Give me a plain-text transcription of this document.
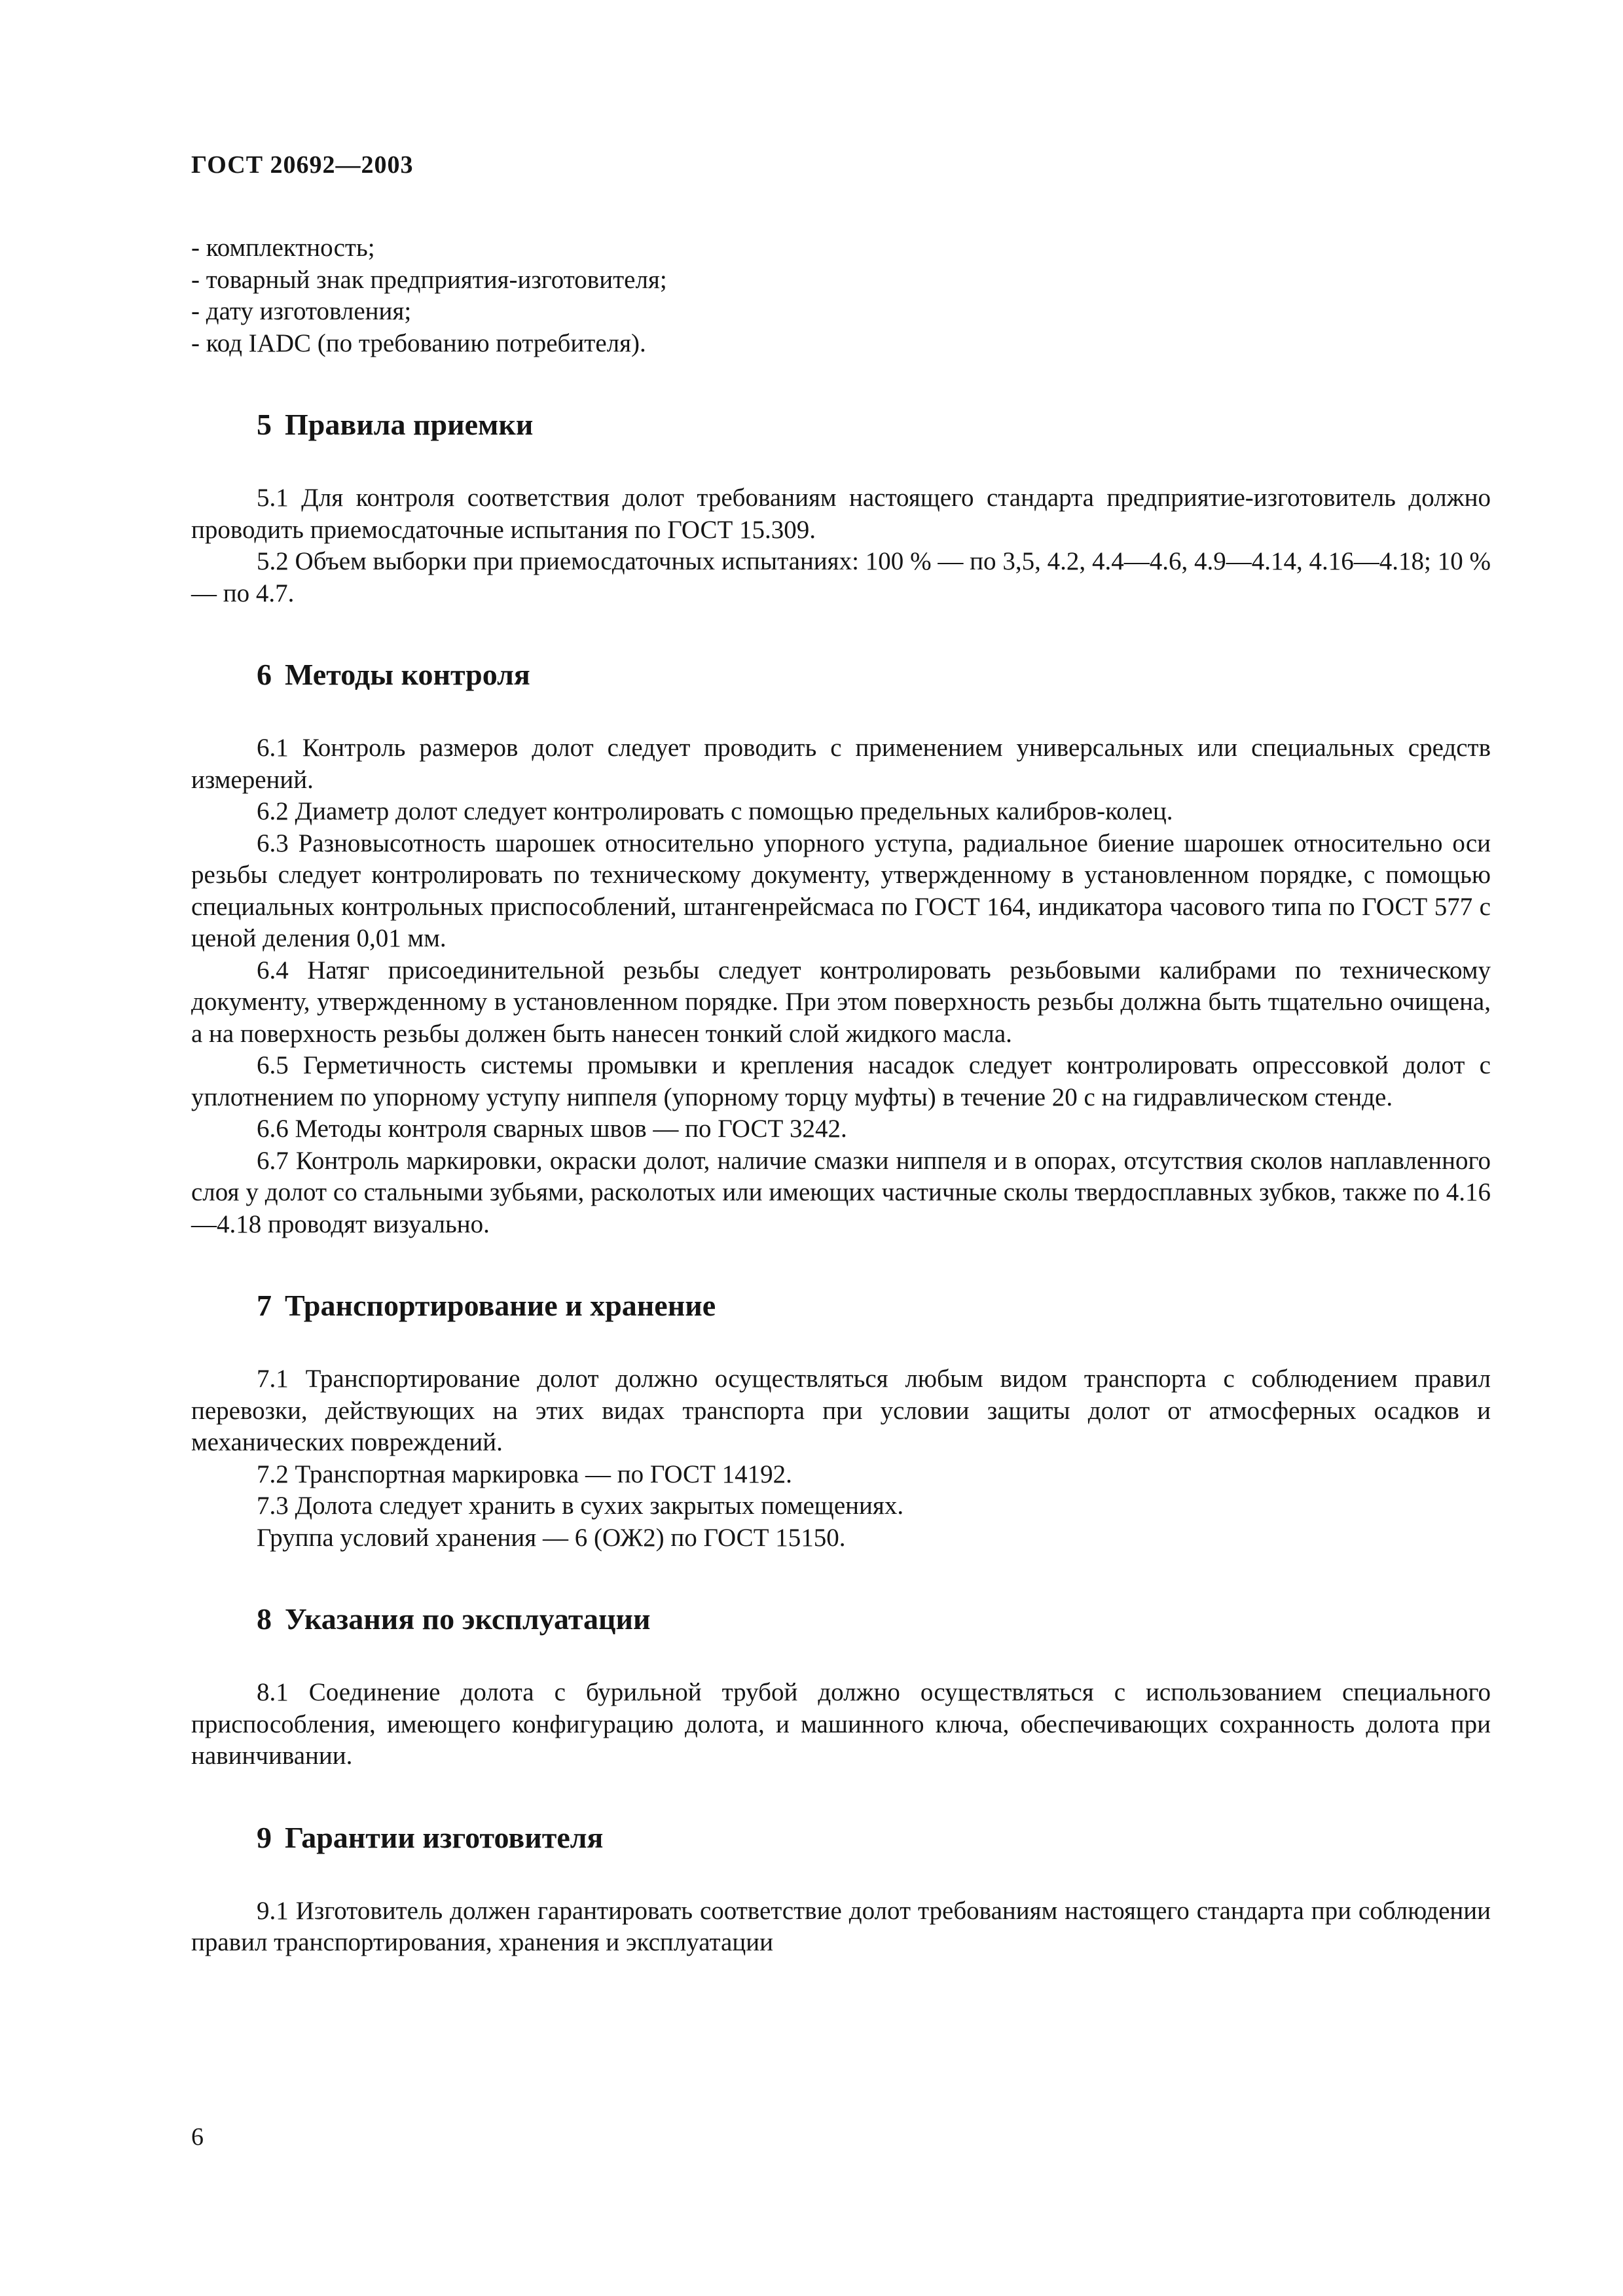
ГОСТ 20692—2003
- комплектность;
- товарный знак предприятия-изготовителя;
- дату изготовления;
- код IADC (по требованию потребителя).
5 Правила приемки

5.1 Для контроля соответствия долот требованиям настоящего стандарта предприятие-изготовитель должно проводить приемосдаточные испытания по ГОСТ 15.309.

5.2 Объем выборки при приемосдаточных испытаниях: 100 % — по 3,5, 4.2, 4.4—4.6, 4.9—4.14, 4.16—4.18; 10 % — по 4.7.

6 Методы контроля

6.1 Контроль размеров долот следует проводить с применением универсальных или специальных средств измерений.

6.2 Диаметр долот следует контролировать с помощью предельных калибров-колец.

6.3 Разновысотность шарошек относительно упорного уступа, радиальное биение шарошек относительно оси резьбы следует контролировать по техническому документу, утвержденному в установленном порядке, с помощью специальных контрольных приспособлений, штангенрейсмаса по ГОСТ 164, индикатора часового типа по ГОСТ 577 с ценой деления 0,01 мм.

6.4 Натяг присоединительной резьбы следует контролировать резьбовыми калибрами по техническому документу, утвержденному в установленном порядке. При этом поверхность резьбы должна быть тщательно очищена, а на поверхность резьбы должен быть нанесен тонкий слой жидкого масла.

6.5 Герметичность системы промывки и крепления насадок следует контролировать опрессовкой долот с уплотнением по упорному уступу ниппеля (упорному торцу муфты) в течение 20 с на гидравлическом стенде.

6.6 Методы контроля сварных швов — по ГОСТ 3242.

6.7 Контроль маркировки, окраски долот, наличие смазки ниппеля и в опорах, отсутствия сколов наплавленного слоя у долот со стальными зубьями, расколотых или имеющих частичные сколы твердосплавных зубков, также по 4.16—4.18 проводят визуально.

7 Транспортирование и хранение

7.1 Транспортирование долот должно осуществляться любым видом транспорта с соблюдением правил перевозки, действующих на этих видах транспорта при условии защиты долот от атмосферных осадков и механических повреждений.

7.2 Транспортная маркировка — по ГОСТ 14192.

7.3 Долота следует хранить в сухих закрытых помещениях.

Группа условий хранения — 6 (ОЖ2) по ГОСТ 15150.

8 Указания по эксплуатации

8.1 Соединение долота с бурильной трубой должно осуществляться с использованием специального приспособления, имеющего конфигурацию долота, и машинного ключа, обеспечивающих сохранность долота при навинчивании.

9 Гарантии изготовителя

9.1 Изготовитель должен гарантировать соответствие долот требованиям настоящего стандарта при соблюдении правил транспортирования, хранения и эксплуатации

6
